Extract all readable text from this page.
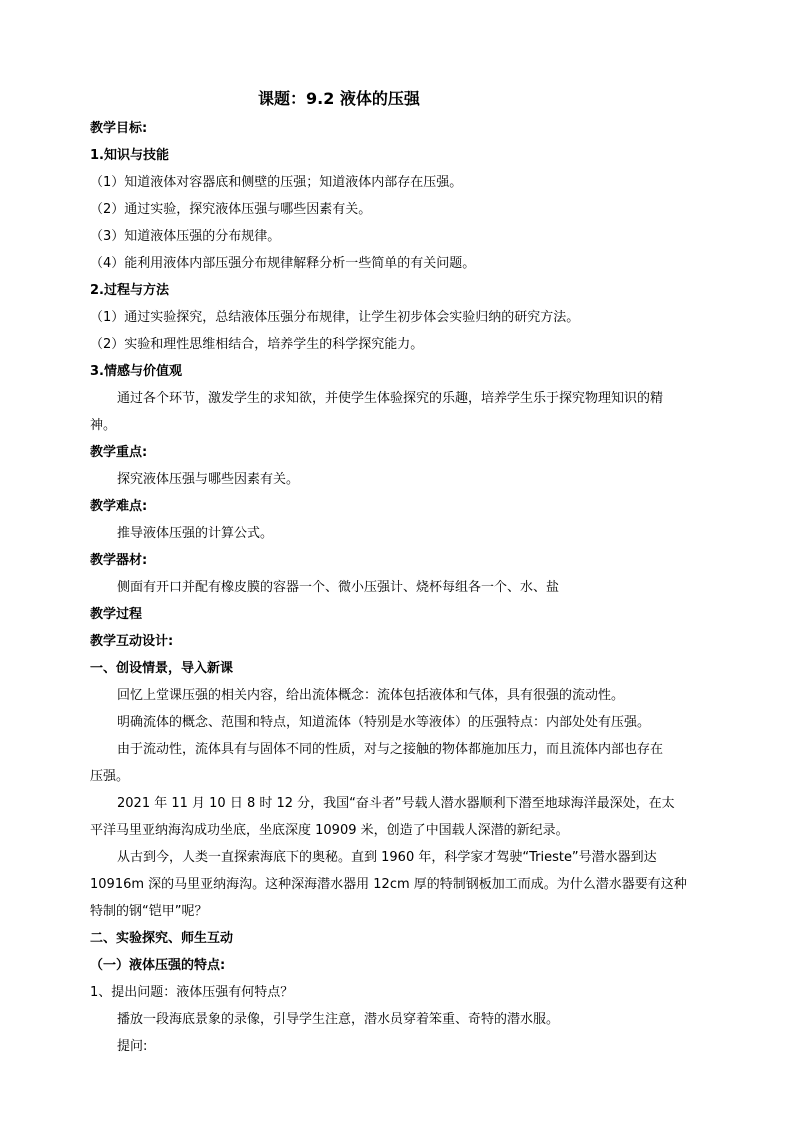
课题：9.2 液体的压强
教学目标:
1.知识与技能
（1）知道液体对容器底和侧壁的压强；知道液体内部存在压强。
（2）通过实验，探究液体压强与哪些因素有关。
（3）知道液体压强的分布规律。
（4）能利用液体内部压强分布规律解释分析一些简单的有关问题。
2.过程与方法
（1）通过实验探究，总结液体压强分布规律，让学生初步体会实验归纳的研究方法。
（2）实验和理性思维相结合，培养学生的科学探究能力。
3.情感与价值观
通过各个环节，激发学生的求知欲，并使学生体验探究的乐趣，培养学生乐于探究物理知识的精
神。
教学重点:
探究液体压强与哪些因素有关。
教学难点:
推导液体压强的计算公式。
教学器材:
侧面有开口并配有橡皮膜的容器一个、微小压强计、烧杯每组各一个、水、盐
教学过程
教学互动设计:
一、创设情景，导入新课
回忆上堂课压强的相关内容，给出流体概念：流体包括液体和气体，具有很强的流动性。
明确流体的概念、范围和特点，知道流体（特别是水等液体）的压强特点：内部处处有压强。
由于流动性，流体具有与固体不同的性质，对与之接触的物体都施加压力，而且流体内部也存在
压强。
2021 年 11 月 10 日 8 时 12 分，我国“奋斗者”号载人潜水器顺利下潜至地球海洋最深处，在太
平洋马里亚纳海沟成功坐底，坐底深度 10909 米，创造了中国载人深潜的新纪录。
从古到今，人类一直探索海底下的奥秘。直到 1960 年，科学家才驾驶“Trieste”号潜水器到达
10916m 深的马里亚纳海沟。这种深海潜水器用 12cm 厚的特制钢板加工而成。为什么潜水器要有这种
特制的钢“铠甲”呢？
二、实验探究、师生互动
（一）液体压强的特点:
1、提出问题：液体压强有何特点？
播放一段海底景象的录像，引导学生注意，潜水员穿着笨重、奇特的潜水服。
提问:
